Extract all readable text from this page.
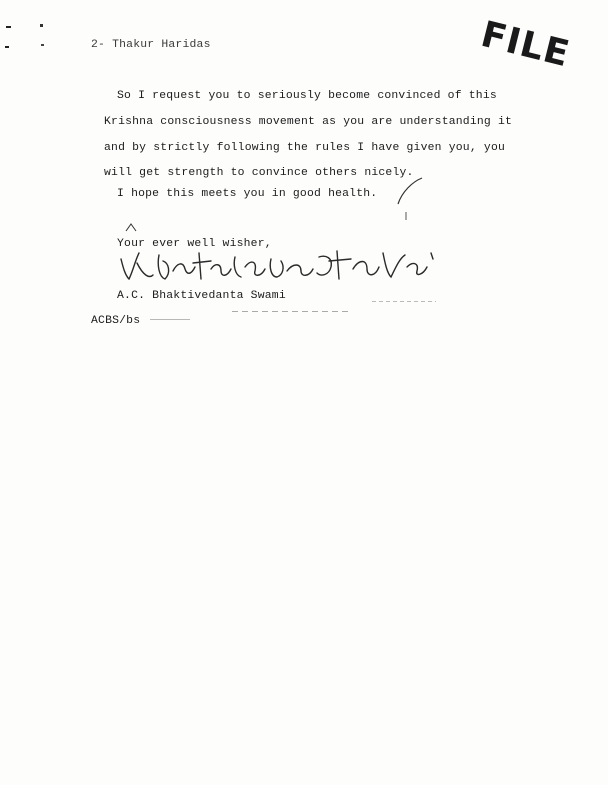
2- Thakur Haridas	FILE
So I request you to seriously become convinced of this
Krishna consciousness movement as you are understanding it
and by strictly following the rules I have given you, you
will get strength to convince others nicely.
I hope this meets you in good health.
Your ever well wisher,
A.C. Bhaktivedanta Swami
ACBS/bs
